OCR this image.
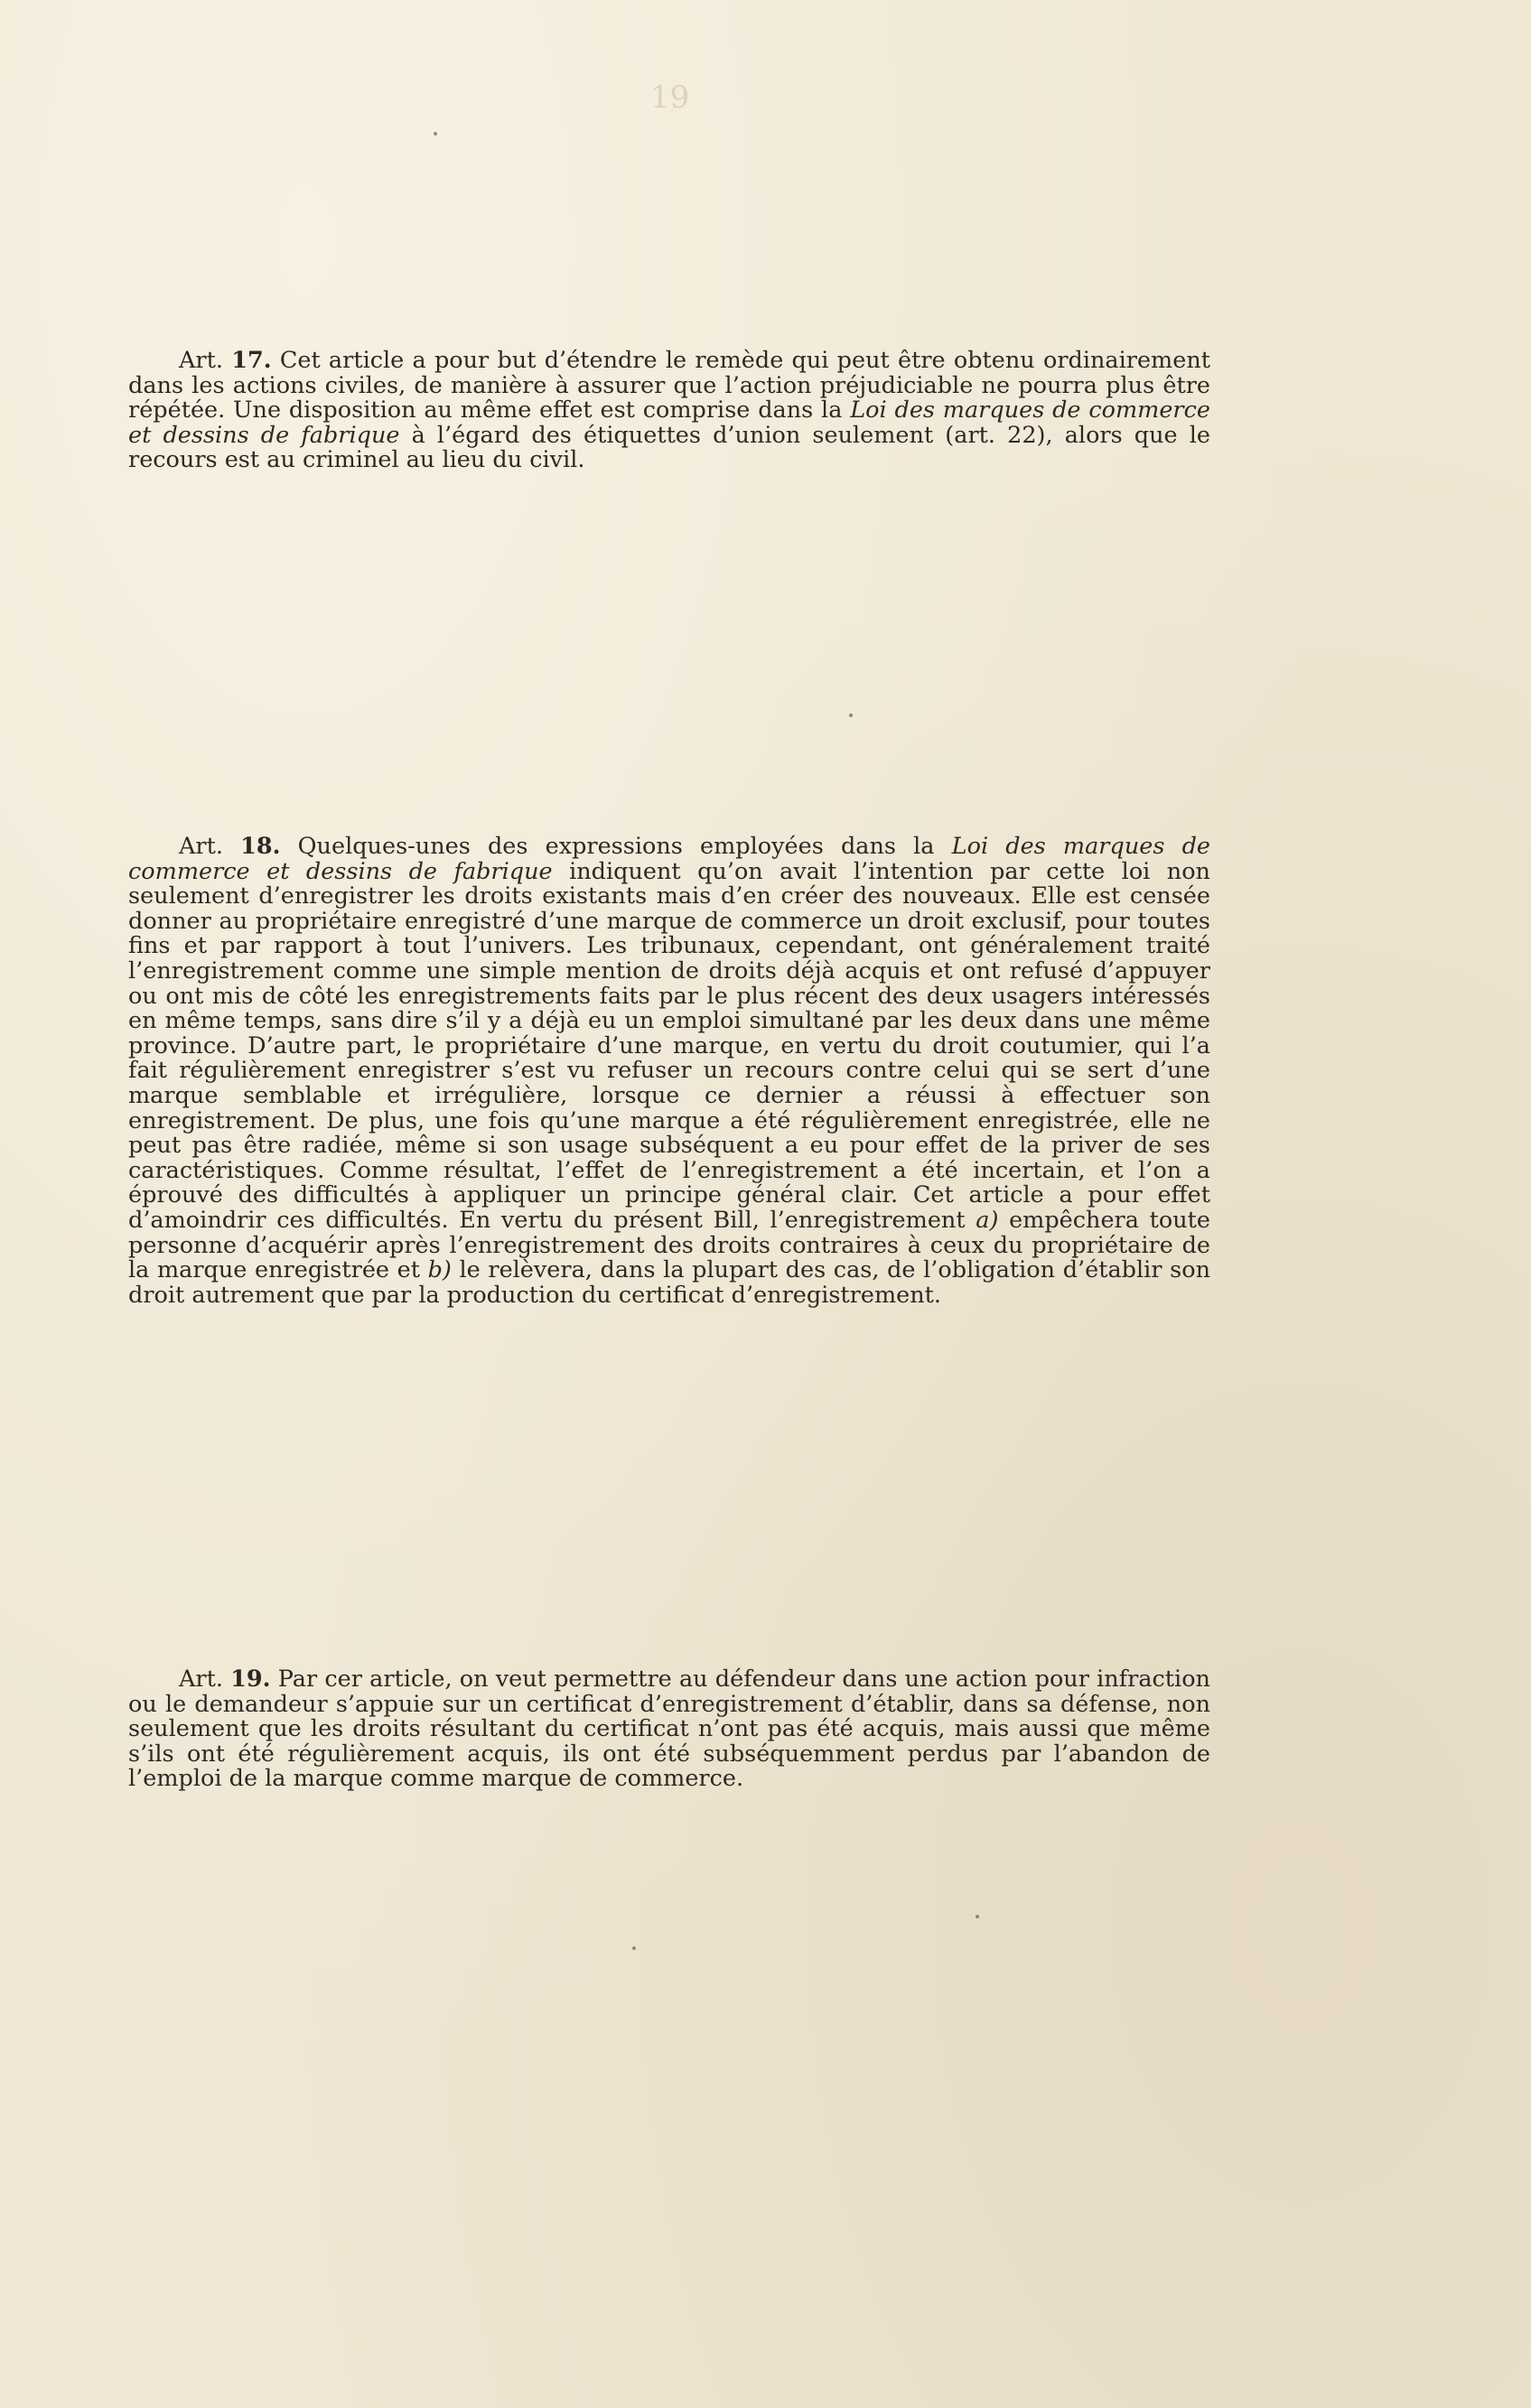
19

Art. 17. Cet article a pour but d’étendre le remède qui peut être obtenu ordinairement dans les actions civiles, de manière à assurer que l’action préjudiciable ne pourra plus être répétée. Une disposition au même effet est comprise dans la Loi des marques de commerce et dessins de fabrique à l’égard des étiquettes d’union seulement (art. 22), alors que le recours est au criminel au lieu du civil.

Art. 18. Quelques-unes des expressions employées dans la Loi des marques de commerce et dessins de fabrique indiquent qu’on avait l’intention par cette loi non seulement d’enregistrer les droits existants mais d’en créer des nouveaux. Elle est censée donner au propriétaire enregistré d’une marque de commerce un droit exclusif, pour toutes fins et par rapport à tout l’univers. Les tribunaux, cependant, ont généralement traité l’enregistrement comme une simple mention de droits déjà acquis et ont refusé d’appuyer ou ont mis de côté les enregistrements faits par le plus récent des deux usagers intéressés en même temps, sans dire s’il y a déjà eu un emploi simultané par les deux dans une même province. D’autre part, le propriétaire d’une marque, en vertu du droit coutumier, qui l’a fait régulièrement enregistrer s’est vu refuser un recours contre celui qui se sert d’une marque semblable et irrégulière, lorsque ce dernier a réussi à effectuer son enregistrement. De plus, une fois qu’une marque a été régulièrement enregistrée, elle ne peut pas être radiée, même si son usage subséquent a eu pour effet de la priver de ses caractéristiques. Comme résultat, l’effet de l’enregistrement a été incertain, et l’on a éprouvé des difficultés à appliquer un principe général clair. Cet article a pour effet d’amoindrir ces difficultés. En vertu du présent Bill, l’enregistrement a) empêchera toute personne d’acquérir après l’enregistrement des droits contraires à ceux du propriétaire de la marque enregistrée et b) le relèvera, dans la plupart des cas, de l’obligation d’établir son droit autrement que par la production du certificat d’enregistrement.

Art. 19. Par cer article, on veut permettre au défendeur dans une action pour infraction ou le demandeur s’appuie sur un certificat d’enregistrement d’établir, dans sa défense, non seulement que les droits résultant du certificat n’ont pas été acquis, mais aussi que même s’ils ont été régulièrement acquis, ils ont été subséquemment perdus par l’abandon de l’emploi de la marque comme marque de commerce.
